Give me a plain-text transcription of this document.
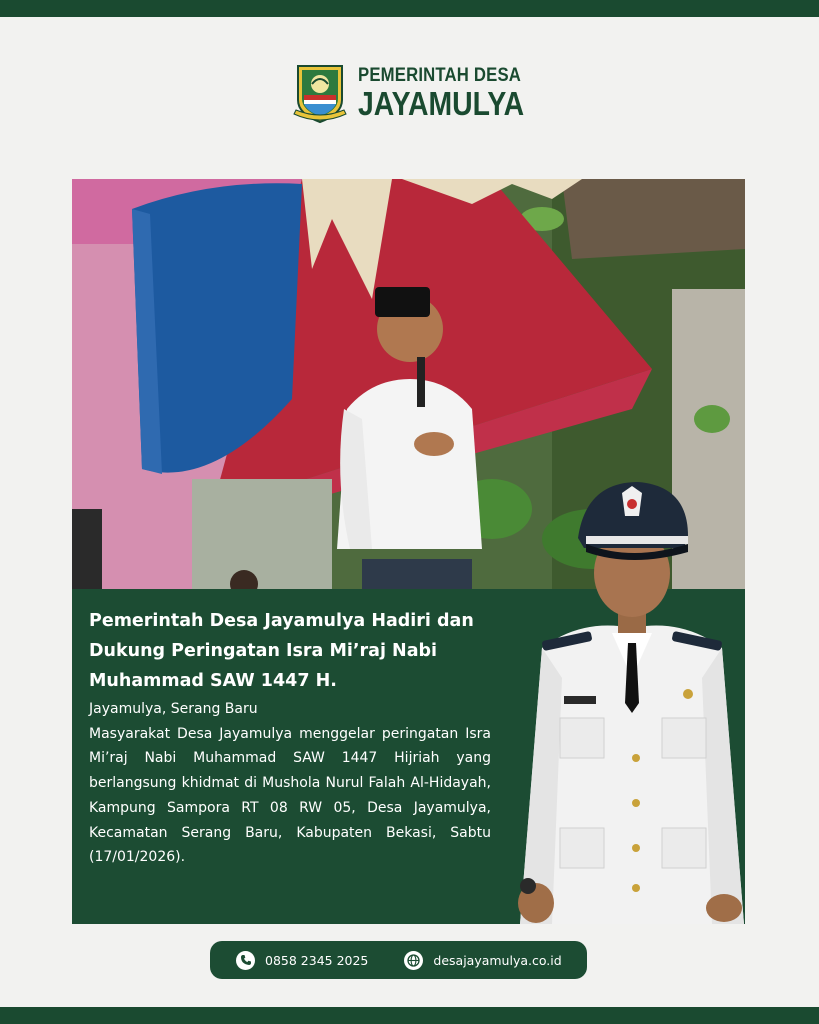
PEMERINTAH DESA
JAYAMULYA
Pemerintah Desa Jayamulya Hadiri dan Dukung Peringatan Isra Mi’raj Nabi Muhammad SAW 1447 H.
Jayamulya, Serang Baru
Masyarakat Desa Jayamulya menggelar peringatan Isra Mi’raj Nabi Muhammad SAW 1447 Hijriah yang berlangsung khidmat di Mushola Nurul Falah Al-Hidayah, Kampung Sampora RT 08 RW 05, Desa Jayamulya, Kecamatan Serang Baru, Kabupaten Bekasi, Sabtu (17/01/2026).
0858 2345 2025	desajayamulya.co.id
